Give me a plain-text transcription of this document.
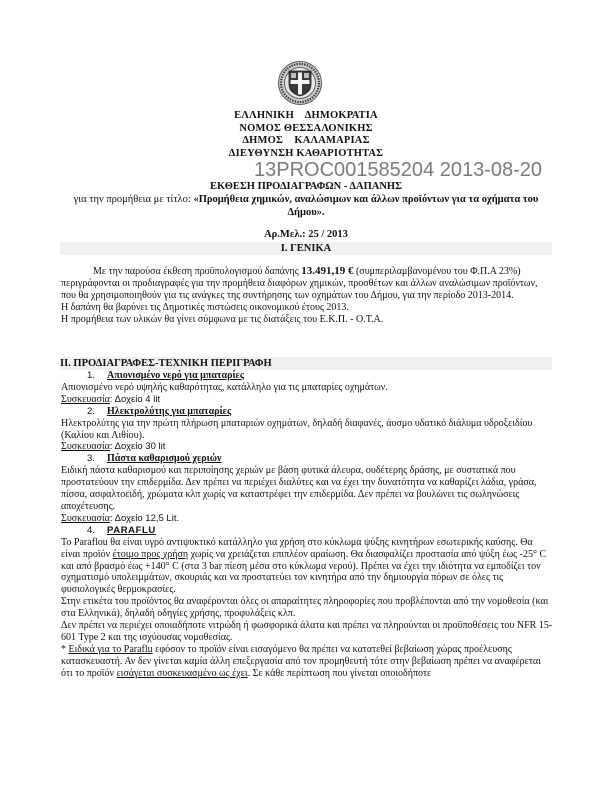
ΕΛΛΗΝΙΚΗ    ΔΗΜΟΚΡΑΤΙΑ
ΝΟΜΟΣ ΘΕΣΣΑΛΟΝΙΚΗΣ
ΔΗΜΟΣ    ΚΑΛΑΜΑΡΙΑΣ
ΔΙΕΥΘΥΝΣΗ ΚΑΘΑΡΙΟΤΗΤΑΣ
13PROC001585204 2013-08-20
ΕΚΘΕΣΗ ΠΡΟΔΙΑΓΡΑΦΩΝ - ΔΑΠΑΝΗΣ
για την προμήθεια με τίτλο: «Προμήθεια χημικών, αναλώσιμων και άλλων προϊόντων για τα οχήματα του Δήμου».
Αρ.Μελ.: 25 / 2013
Ι. ΓΕΝΙΚΑ

Με την παρούσα έκθεση προϋπολογισμού δαπάνης 13.491,19 € (συμπεριλαμβανομένου του Φ.Π.Α 23%) περιγράφονται οι προδιαγραφές για την προμήθεια διαφόρων χημικών, προσθέτων και άλλων αναλώσιμων προϊόντων, που θα χρησιμοποιηθούν για τις ανάγκες της συντήρησης των οχημάτων του Δήμου, για την περίοδο 2013-2014.

Η δαπάνη θα βαρύνει τις Δημοτικές πιστώσεις οικονομικού έτους 2013.

Η προμήθεια των υλικών θα γίνει σύμφωνα με τις διατάξεις του Ε.Κ.Π. - Ο.Τ.Α.

ΙΙ. ΠΡΟΔΙΑΓΡΑΦΕΣ-ΤΕΧΝΙΚΗ ΠΕΡΙΓΡΑΦΗ
1. Απιονισμένο νερό για μπαταρίες

Απιονισμένο νερό υψηλής καθαρότητας, κατάλληλο για τις μπαταρίες οχημάτων.

Συσκευασία: Δοχείο 4 lit

2. Ηλεκτρολύτης για μπαταρίες

Ηλεκτρολύτης για την πρώτη πλήρωση μπαταριών οχημάτων, δηλαδή διαφανές, άοσμο υδατικό διάλυμα υδροξειδίου (Καλίου και Λιθίου).

Συσκευασία: Δοχείο 30 lit

3. Πάστα καθαρισμού χεριών

Ειδική πάστα καθαρισμού και περιποίησης χεριών με βάση φυτικά άλευρα, ουδέτερης δράσης, με συστατικά που προστατεύουν την επιδερμίδα. Δεν πρέπει να περιέχει διαλύτες και να έχει την δυνατότητα να καθαρίζει λάδια, γράσα, πίσσα, ασφαλτοειδή, χρώματα κλπ χωρίς να καταστρέφει την επιδερμίδα. Δεν πρέπει να βουλώνει τις σωληνώσεις αποχέτευσης.

Συσκευασία: Δοχείο 12,5 Lit.

4. PARAFLU

Το Paraflou θα είναι υγρό αντιψυκτικό κατάλληλο για χρήση στο κύκλωμα ψύξης κινητήρων εσωτερικής καύσης. Θα είναι προϊόν έτοιμο προς χρήση χωρίς να χρειάζεται επιπλέον αραίωση. Θα διασφαλίζει προστασία από ψύξη έως -25° C και από βρασμό έως +140° C (στα 3 bar πίεση μέσα στο κύκλωμα νερού). Πρέπει να έχει την ιδιότητα να εμποδίζει τον σχηματισμό υπολειμμάτων, σκουριάς και να προστατεύει τον κινητήρα από την δημιουργία πόρων σε όλες τις φυσιολογικές θερμοκρασίες.

Στην ετικέτα του προϊόντος θα αναφέρονται όλες οι απαραίτητες πληροφορίες που προβλέπονται από την νομοθεσία (και στα Ελληνικά), δηλαδή οδηγίες χρήσης, προφυλάξεις κλπ.

Δεν πρέπει να περιέχει οποιαδήποτε νιτρώδη ή φωσφορικά άλατα και πρέπει να πληρούνται οι προϋποθέσεις του NFR 15-601 Type 2 και της ισχύουσας νομοθεσίας.

* Ειδικά για το Paraflu εφόσον το προϊόν είναι εισαγόμενο θα πρέπει να κατατεθεί βεβαίωση χώρας προέλευσης κατασκευαστή. Αν δεν γίνεται καμία άλλη επεξεργασία από τον προμηθευτή τότε στην βεβαίωση πρέπει να αναφέρεται ότι το προϊόν εισάγεται συσκευασμένο ως έχει. Σε κάθε περίπτωση που γίνεται οποιοδήποτε
